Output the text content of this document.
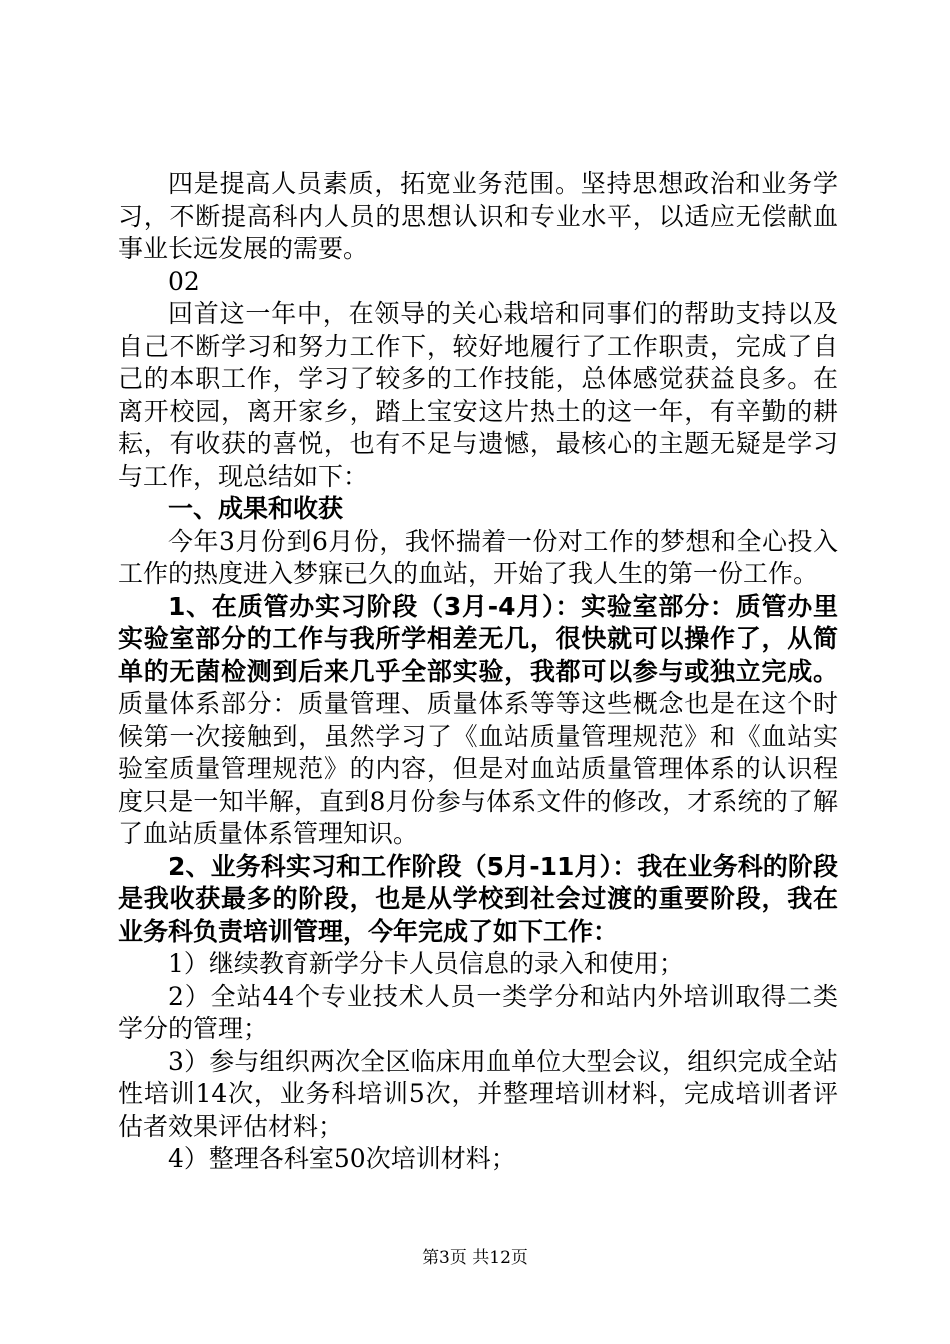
四是提高人员素质，拓宽业务范围。坚持思想政治和业务学习，不断提高科内人员的思想认识和专业水平，以适应无偿献血事业长远发展的需要。

02

回首这一年中，在领导的关心栽培和同事们的帮助支持以及自己不断学习和努力工作下，较好地履行了工作职责，完成了自己的本职工作，学习了较多的工作技能，总体感觉获益良多。在离开校园，离开家乡，踏上宝安这片热土的这一年，有辛勤的耕耘，有收获的喜悦，也有不足与遗憾，最核心的主题无疑是学习与工作，现总结如下：

一、成果和收获

今年3月份到6月份，我怀揣着一份对工作的梦想和全心投入工作的热度进入梦寐已久的血站，开始了我人生的第一份工作。

1、在质管办实习阶段（3月-4月）：实验室部分：质管办里实验室部分的工作与我所学相差无几，很快就可以操作了，从简单的无菌检测到后来几乎全部实验，我都可以参与或独立完成。质量体系部分：质量管理、质量体系等等这些概念也是在这个时候第一次接触到，虽然学习了《血站质量管理规范》和《血站实验室质量管理规范》的内容，但是对血站质量管理体系的认识程度只是一知半解，直到8月份参与体系文件的修改，才系统的了解了血站质量体系管理知识。

2、业务科实习和工作阶段（5月-11月）：我在业务科的阶段是我收获最多的阶段，也是从学校到社会过渡的重要阶段，我在业务科负责培训管理，今年完成了如下工作：

1）继续教育新学分卡人员信息的录入和使用；

2）全站44个专业技术人员一类学分和站内外培训取得二类学分的管理；

3）参与组织两次全区临床用血单位大型会议，组织完成全站性培训14次，业务科培训5次，并整理培训材料，完成培训者评估者效果评估材料；

4）整理各科室50次培训材料；

第3页 共12页
